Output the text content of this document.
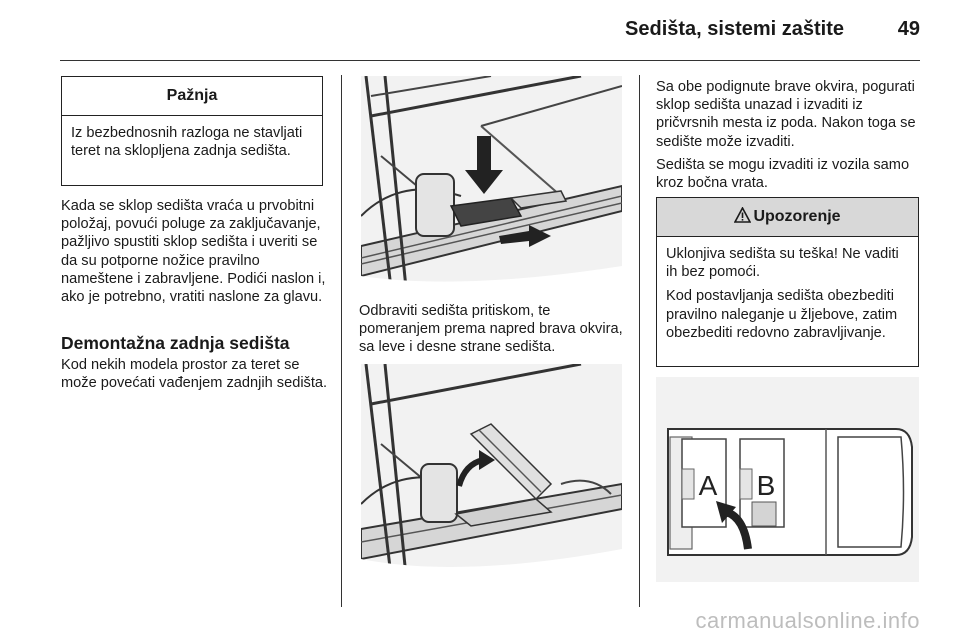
Sedišta, sistemi zaštite	49
Pažnja

Iz bezbednosnih razloga ne stavljati teret na sklopljena zadnja sedišta.

Kada se sklop sedišta vraća u prvobitni položaj, povući poluge za zaključavanje, pažljivo spustiti sklop sedišta i uveriti se da su potporne nožice pravilno nameštene i zabravljene. Podići naslon i, ako je potrebno, vratiti naslone za glavu.

Demontažna zadnja sedišta

Kod nekih modela prostor za teret se može povećati vađenjem zadnjih sedišta.

Odbraviti sedišta pritiskom, te pomeranjem prema napred brava okvira, sa leve i desne strane sedišta.

Sa obe podignute brave okvira, pogurati sklop sedišta unazad i izvaditi iz pričvrsnih mesta iz poda. Nakon toga se sedište može izvaditi.

Sedišta se mogu izvaditi iz vozila samo kroz bočna vrata.

Upozorenje

Uklonjiva sedišta su teška! Ne vaditi ih bez pomoći.

Kod postavljanja sedišta obezbediti pravilno naleganje u žljebove, zatim obezbediti redovno zabravljivanje.

A B
carmanualsonline.info
